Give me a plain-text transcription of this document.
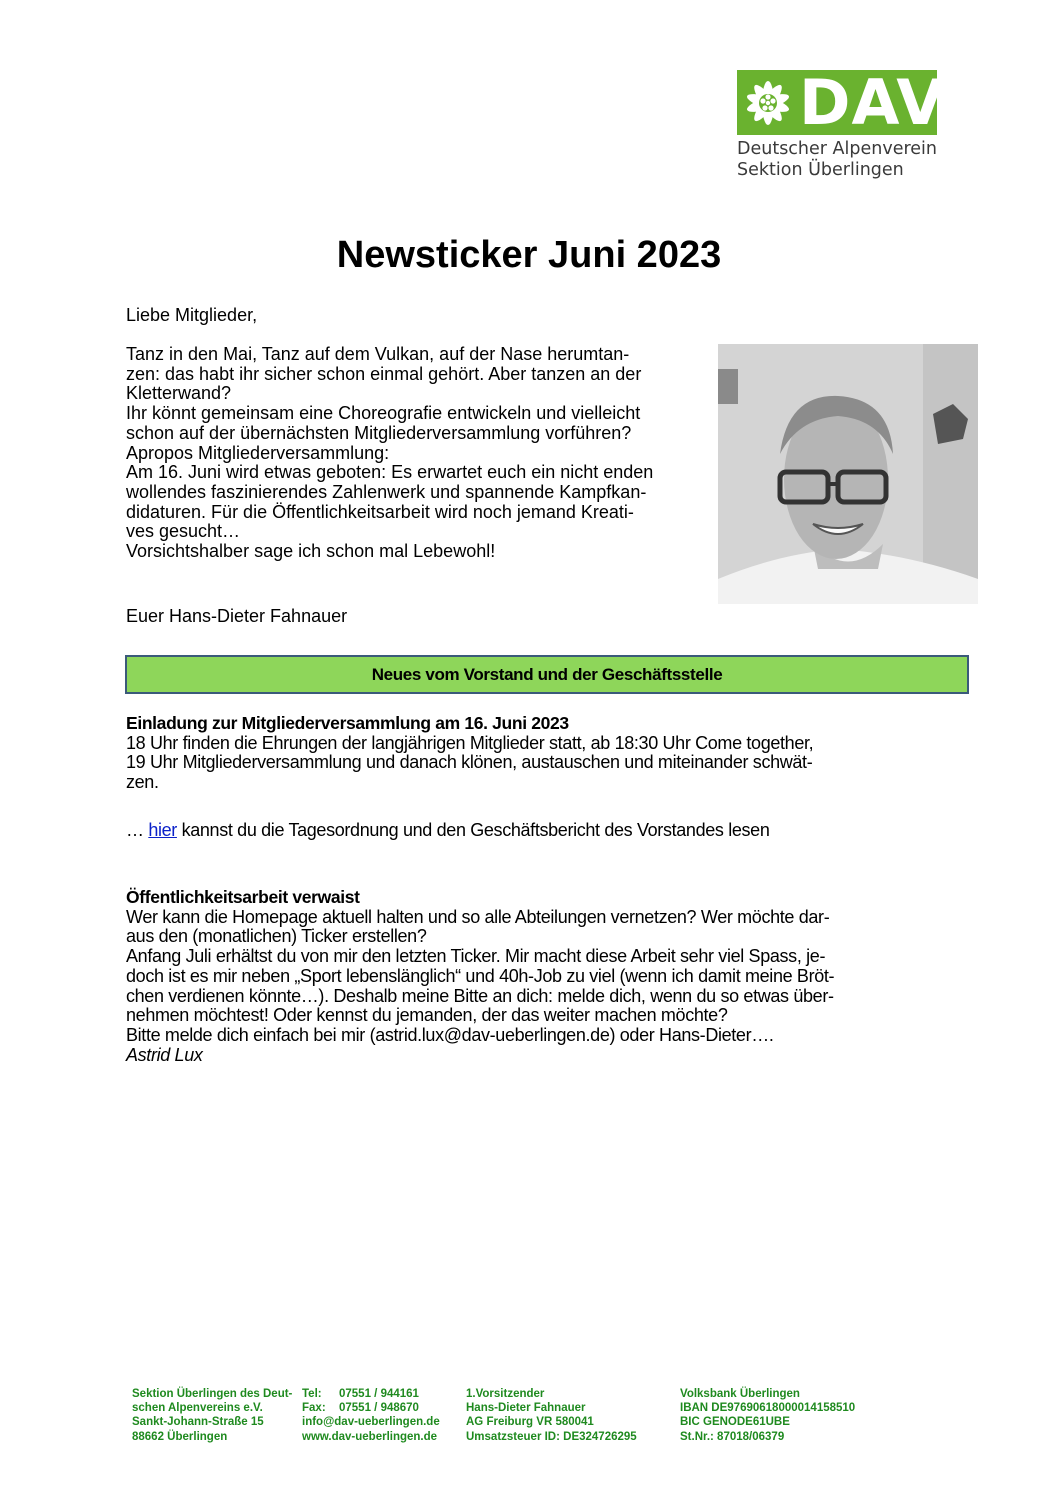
DAV
Deutscher Alpenverein
Sektion Überlingen
Newsticker Juni 2023
Liebe Mitglieder,
Tanz in den Mai, Tanz auf dem Vulkan, auf der Nase herumtan-
zen: das habt ihr sicher schon einmal gehört. Aber tanzen an der
Kletterwand?
Ihr könnt gemeinsam eine Choreografie entwickeln und vielleicht
schon auf der übernächsten Mitgliederversammlung vorführen?
Apropos Mitgliederversammlung:
Am 16. Juni wird etwas geboten: Es erwartet euch ein nicht enden
wollendes faszinierendes Zahlenwerk und spannende Kampfkan-
didaturen. Für die Öffentlichkeitsarbeit wird noch jemand Kreati-
ves gesucht…
Vorsichtshalber sage ich schon mal Lebewohl!
Euer Hans-Dieter Fahnauer
Neues vom Vorstand und der Geschäftsstelle
Einladung zur Mitgliederversammlung am 16. Juni 2023
18 Uhr finden die Ehrungen der langjährigen Mitglieder statt, ab 18:30 Uhr Come together,
19 Uhr Mitgliederversammlung und danach klönen, austauschen und miteinander schwät-
zen.
… hier kannst du die Tagesordnung und den Geschäftsbericht des Vorstandes lesen
Öffentlichkeitsarbeit verwaist
Wer kann die Homepage aktuell halten und so alle Abteilungen vernetzen? Wer möchte dar-
aus den (monatlichen) Ticker erstellen?
Anfang Juli erhältst du von mir den letzten Ticker. Mir macht diese Arbeit sehr viel Spass, je-
doch ist es mir neben „Sport lebenslänglich“ und 40h-Job zu viel (wenn ich damit meine Bröt-
chen verdienen könnte…). Deshalb meine Bitte an dich: melde dich, wenn du so etwas über-
nehmen möchtest! Oder kennst du jemanden, der das weiter machen möchte?
Bitte melde dich einfach bei mir (astrid.lux@dav-ueberlingen.de) oder Hans-Dieter….
Astrid Lux
Sektion Überlingen des Deut-
schen Alpenvereins e.V.
Sankt-Johann-Straße 15
88662 Überlingen
Tel: 07551 / 944161
Fax: 07551 / 948670
info@dav-ueberlingen.de
www.dav-ueberlingen.de
1.Vorsitzender
Hans-Dieter Fahnauer
AG Freiburg VR 580041
Umsatzsteuer ID: DE324726295
Volksbank Überlingen
IBAN DE97690618000014158510
BIC GENODE61UBE
St.Nr.: 87018/06379
